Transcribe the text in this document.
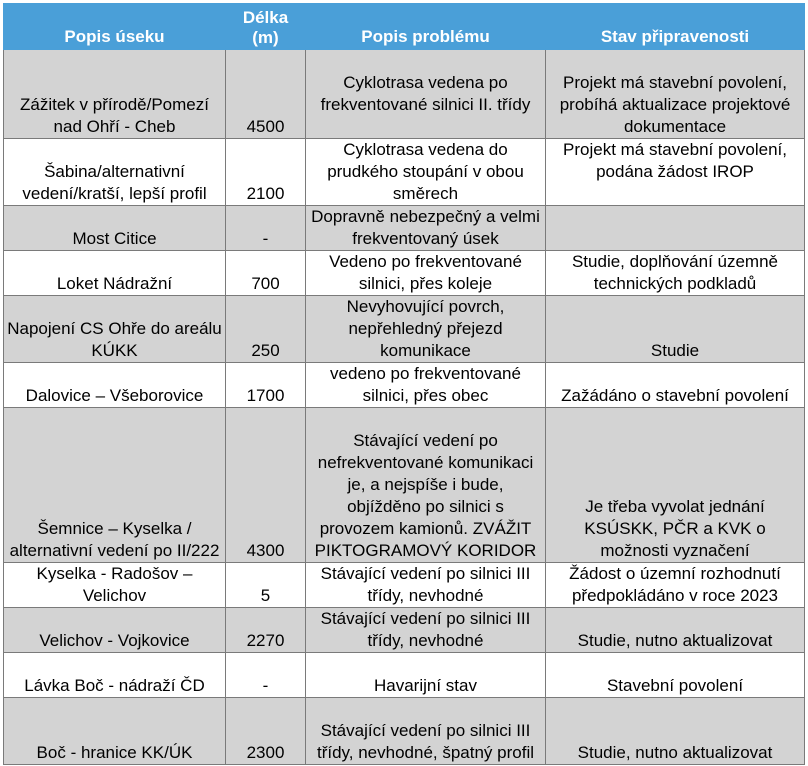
Popis úseku	Délka (m)	Popis problému	Stav připravenosti
Zážitek v přírodě/Pomezí nad Ohří - Cheb	4500	Cyklotrasa vedena po frekventované silnici II. třídy	Projekt má stavební povolení, probíhá aktualizace projektové dokumentace
Šabina/alternativní vedení/kratší, lepší profil	2100	Cyklotrasa vedena do prudkého stoupání v obou směrech	Projekt má stavební povolení, podána žádost IROP
Most Citice	-	Dopravně nebezpečný a velmi frekventovaný úsek	
Loket Nádražní	700	Vedeno po frekventované silnici, přes koleje	Studie, doplňování územně technických podkladů
Napojení CS Ohře do areálu KÚKK	250	Nevyhovující povrch, nepřehledný přejezd komunikace	Studie
Dalovice – Všeborovice	1700	vedeno po frekventované silnici, přes obec	Zažádáno o stavební povolení
Šemnice – Kyselka / alternativní vedení po II/222	4300	Stávající vedení po nefrekventované komunikaci je, a nejspíše i bude, objížděno po silnici s provozem kamionů. ZVÁŽIT PIKTOGRAMOVÝ KORIDOR	Je třeba vyvolat jednání KSÚSKK, PČR a KVK o možnosti vyznačení
Kyselka - Radošov – Velichov	5	Stávající vedení po silnici III třídy, nevhodné	Žádost o územní rozhodnutí předpokládáno v roce 2023
Velichov - Vojkovice	2270	Stávající vedení po silnici III třídy, nevhodné	Studie, nutno aktualizovat
Lávka Boč - nádraží ČD	-	Havarijní stav	Stavební povolení
Boč - hranice KK/ÚK	2300	Stávající vedení po silnici III třídy, nevhodné, špatný profil	Studie, nutno aktualizovat
